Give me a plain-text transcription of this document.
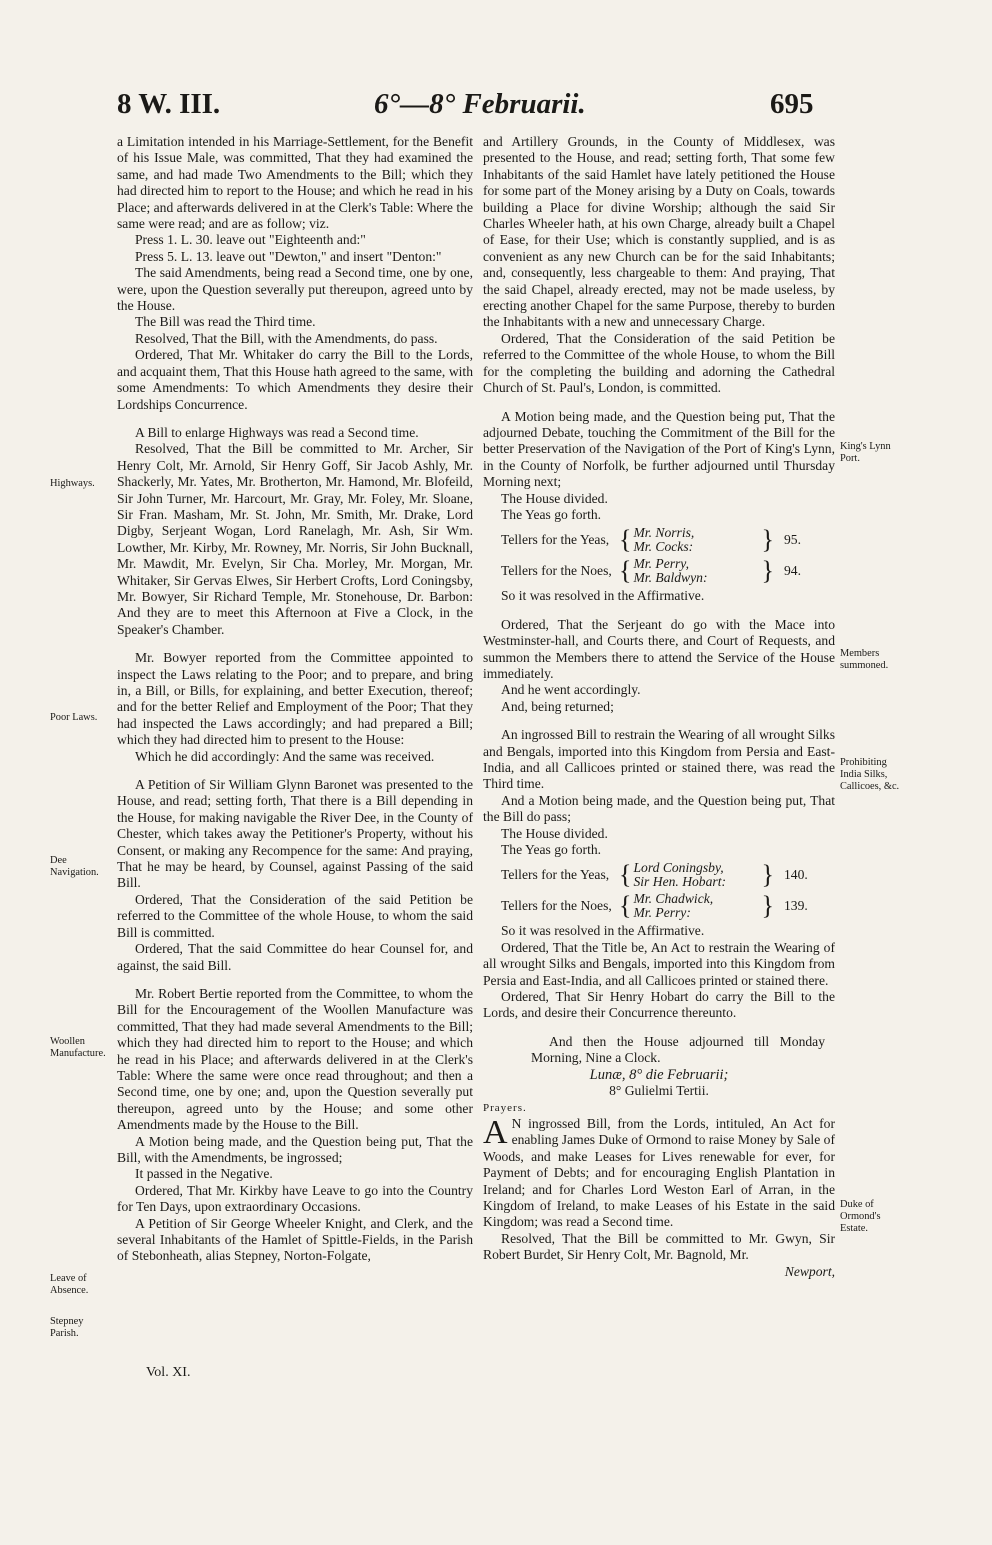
8 W. III.	6°—8° Februarii.	695
Highways.
Poor Laws.
Dee Navigation.
Woollen Manufacture.
Leave of Absence.
Stepney Parish.
King's Lynn Port.
Members summoned.
Prohibiting India Silks, Callicoes, &c.
Duke of Ormond's Estate.

a Limitation intended in his Marriage-Settlement, for the Benefit of his Issue Male, was committed, That they had examined the same, and had made Two Amendments to the Bill; which they had directed him to report to the House; and which he read in his Place; and afterwards delivered in at the Clerk's Table: Where the same were read; and are as follow; viz.

Press 1. L. 30. leave out "Eighteenth and:"

Press 5. L. 13. leave out "Dewton," and insert "Denton:"

The said Amendments, being read a Second time, one by one, were, upon the Question severally put thereupon, agreed unto by the House.

The Bill was read the Third time.

Resolved, That the Bill, with the Amendments, do pass.

Ordered, That Mr. Whitaker do carry the Bill to the Lords, and acquaint them, That this House hath agreed to the same, with some Amendments: To which Amendments they desire their Lordships Concurrence.

A Bill to enlarge Highways was read a Second time.

Resolved, That the Bill be committed to Mr. Archer, Sir Henry Colt, Mr. Arnold, Sir Henry Goff, Sir Jacob Ashly, Mr. Shackerly, Mr. Yates, Mr. Brotherton, Mr. Hamond, Mr. Blofeild, Sir John Turner, Mr. Harcourt, Mr. Gray, Mr. Foley, Mr. Sloane, Sir Fran. Masham, Mr. St. John, Mr. Smith, Mr. Drake, Lord Digby, Serjeant Wogan, Lord Ranelagh, Mr. Ash, Sir Wm. Lowther, Mr. Kirby, Mr. Rowney, Mr. Norris, Sir John Bucknall, Mr. Mawdit, Mr. Evelyn, Sir Cha. Morley, Mr. Morgan, Mr. Whitaker, Sir Gervas Elwes, Sir Herbert Crofts, Lord Coningsby, Mr. Bowyer, Sir Richard Temple, Mr. Stonehouse, Dr. Barbon: And they are to meet this Afternoon at Five a Clock, in the Speaker's Chamber.

Mr. Bowyer reported from the Committee appointed to inspect the Laws relating to the Poor; and to prepare, and bring in, a Bill, or Bills, for explaining, and better Execution, thereof; and for the better Relief and Employment of the Poor; That they had inspected the Laws accordingly; and had prepared a Bill; which they had directed him to present to the House:

Which he did accordingly: And the same was received.

A Petition of Sir William Glynn Baronet was presented to the House, and read; setting forth, That there is a Bill depending in the House, for making navigable the River Dee, in the County of Chester, which takes away the Petitioner's Property, without his Consent, or making any Recompence for the same: And praying, That he may be heard, by Counsel, against Passing of the said Bill.

Ordered, That the Consideration of the said Petition be referred to the Committee of the whole House, to whom the said Bill is committed.

Ordered, That the said Committee do hear Counsel for, and against, the said Bill.

Mr. Robert Bertie reported from the Committee, to whom the Bill for the Encouragement of the Woollen Manufacture was committed, That they had made several Amendments to the Bill; which they had directed him to report to the House; and which he read in his Place; and afterwards delivered in at the Clerk's Table: Where the same were once read throughout; and then a Second time, one by one; and, upon the Question severally put thereupon, agreed unto by the House; and some other Amendments made by the House to the Bill.

A Motion being made, and the Question being put, That the Bill, with the Amendments, be ingrossed;

It passed in the Negative.

Ordered, That Mr. Kirkby have Leave to go into the Country for Ten Days, upon extraordinary Occasions.

A Petition of Sir George Wheeler Knight, and Clerk, and the several Inhabitants of the Hamlet of Spittle-Fields, in the Parish of Stebonheath, alias Stepney, Norton-Folgate,

Vol. XI.

and Artillery Grounds, in the County of Middlesex, was presented to the House, and read; setting forth, That some few Inhabitants of the said Hamlet have lately petitioned the House for some part of the Money arising by a Duty on Coals, towards building a Place for divine Worship; although the said Sir Charles Wheeler hath, at his own Charge, already built a Chapel of Ease, for their Use; which is constantly supplied, and is as convenient as any new Church can be for the said Inhabitants; and, consequently, less chargeable to them: And praying, That the said Chapel, already erected, may not be made useless, by erecting another Chapel for the same Purpose, thereby to burden the Inhabitants with a new and unnecessary Charge.

Ordered, That the Consideration of the said Petition be referred to the Committee of the whole House, to whom the Bill for the completing the building and adorning the Cathedral Church of St. Paul's, London, is committed.

A Motion being made, and the Question being put, That the adjourned Debate, touching the Commitment of the Bill for the better Preservation of the Navigation of the Port of King's Lynn, in the County of Norfolk, be further adjourned until Thursday Morning next;

The House divided.

The Yeas go forth.

Tellers for the Yeas, { Mr. Norris,
Mr. Cocks:	} 95.
Tellers for the Noes, { Mr. Perry,
Mr. Baldwyn:	} 94.

So it was resolved in the Affirmative.

Ordered, That the Serjeant do go with the Mace into Westminster-hall, and Courts there, and Court of Requests, and summon the Members there to attend the Service of the House immediately.

And he went accordingly.

And, being returned;

An ingrossed Bill to restrain the Wearing of all wrought Silks and Bengals, imported into this Kingdom from Persia and East-India, and all Callicoes printed or stained there, was read the Third time.

And a Motion being made, and the Question being put, That the Bill do pass;

The House divided.

The Yeas go forth.

Tellers for the Yeas, { Lord Coningsby,
Sir Hen. Hobart:	} 140.
Tellers for the Noes, { Mr. Chadwick,
Mr. Perry:	} 139.

So it was resolved in the Affirmative.

Ordered, That the Title be, An Act to restrain the Wearing of all wrought Silks and Bengals, imported into this Kingdom from Persia and East-India, and all Callicoes printed or stained there.

Ordered, That Sir Henry Hobart do carry the Bill to the Lords, and desire their Concurrence thereunto.

And then the House adjourned till Monday Morning, Nine a Clock.

Lunæ, 8° die Februarii;

8° Gulielmi Tertii.

Prayers.

A N ingrossed Bill, from the Lords, intituled, An Act for enabling James Duke of Ormond to raise Money by Sale of Woods, and make Leases for Lives renewable for ever, for Payment of Debts; and for encouraging English Plantation in Ireland; and for Charles Lord Weston Earl of Arran, in the Kingdom of Ireland, to make Leases of his Estate in the said Kingdom; was read a Second time.

Resolved, That the Bill be committed to Mr. Gwyn, Sir Robert Burdet, Sir Henry Colt, Mr. Bagnold, Mr.

Newport,
